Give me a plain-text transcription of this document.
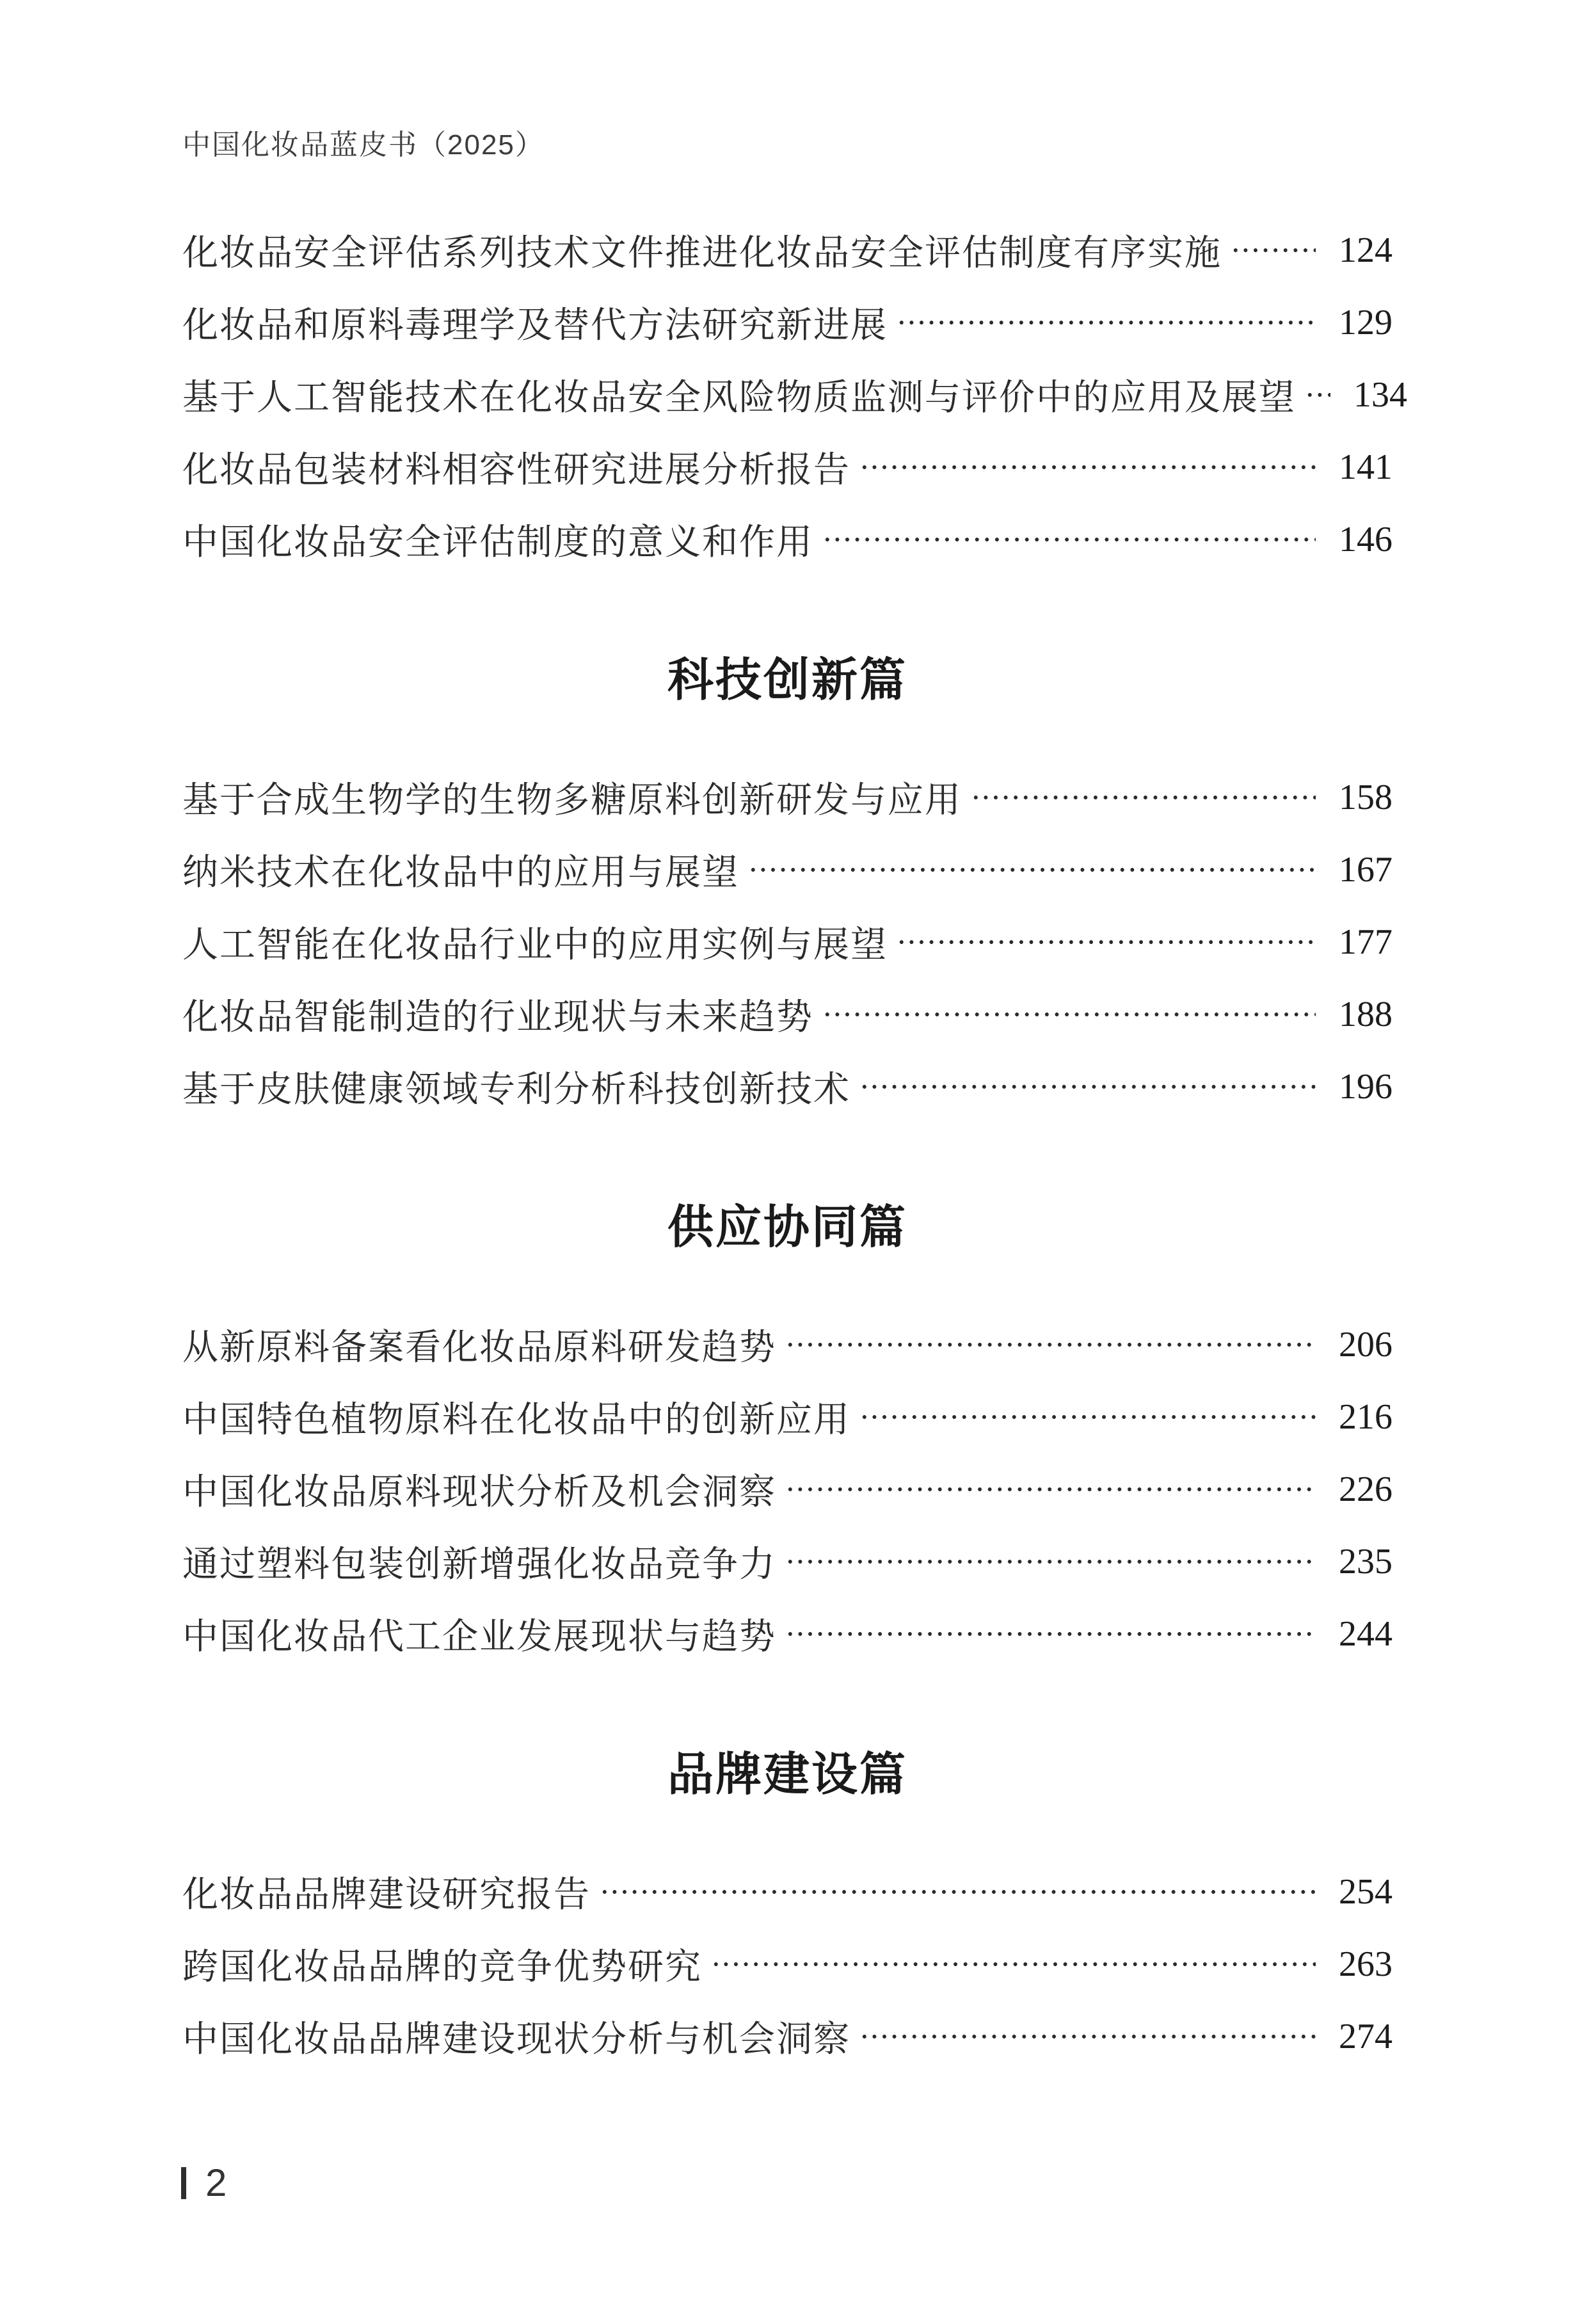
中国化妆品蓝皮书（2025）
化妆品安全评估系列技术文件推进化妆品安全评估制度有序实施	124
化妆品和原料毒理学及替代方法研究新进展	129
基于人工智能技术在化妆品安全风险物质监测与评价中的应用及展望 134
化妆品包装材料相容性研究进展分析报告	141
中国化妆品安全评估制度的意义和作用	146
科技创新篇
基于合成生物学的生物多糖原料创新研发与应用	158
纳米技术在化妆品中的应用与展望	167
人工智能在化妆品行业中的应用实例与展望	177
化妆品智能制造的行业现状与未来趋势	188
基于皮肤健康领域专利分析科技创新技术	196
供应协同篇
从新原料备案看化妆品原料研发趋势	206
中国特色植物原料在化妆品中的创新应用	216
中国化妆品原料现状分析及机会洞察	226
通过塑料包装创新增强化妆品竞争力	235
中国化妆品代工企业发展现状与趋势	244
品牌建设篇
化妆品品牌建设研究报告	254
跨国化妆品品牌的竞争优势研究	263
中国化妆品品牌建设现状分析与机会洞察	274
2
